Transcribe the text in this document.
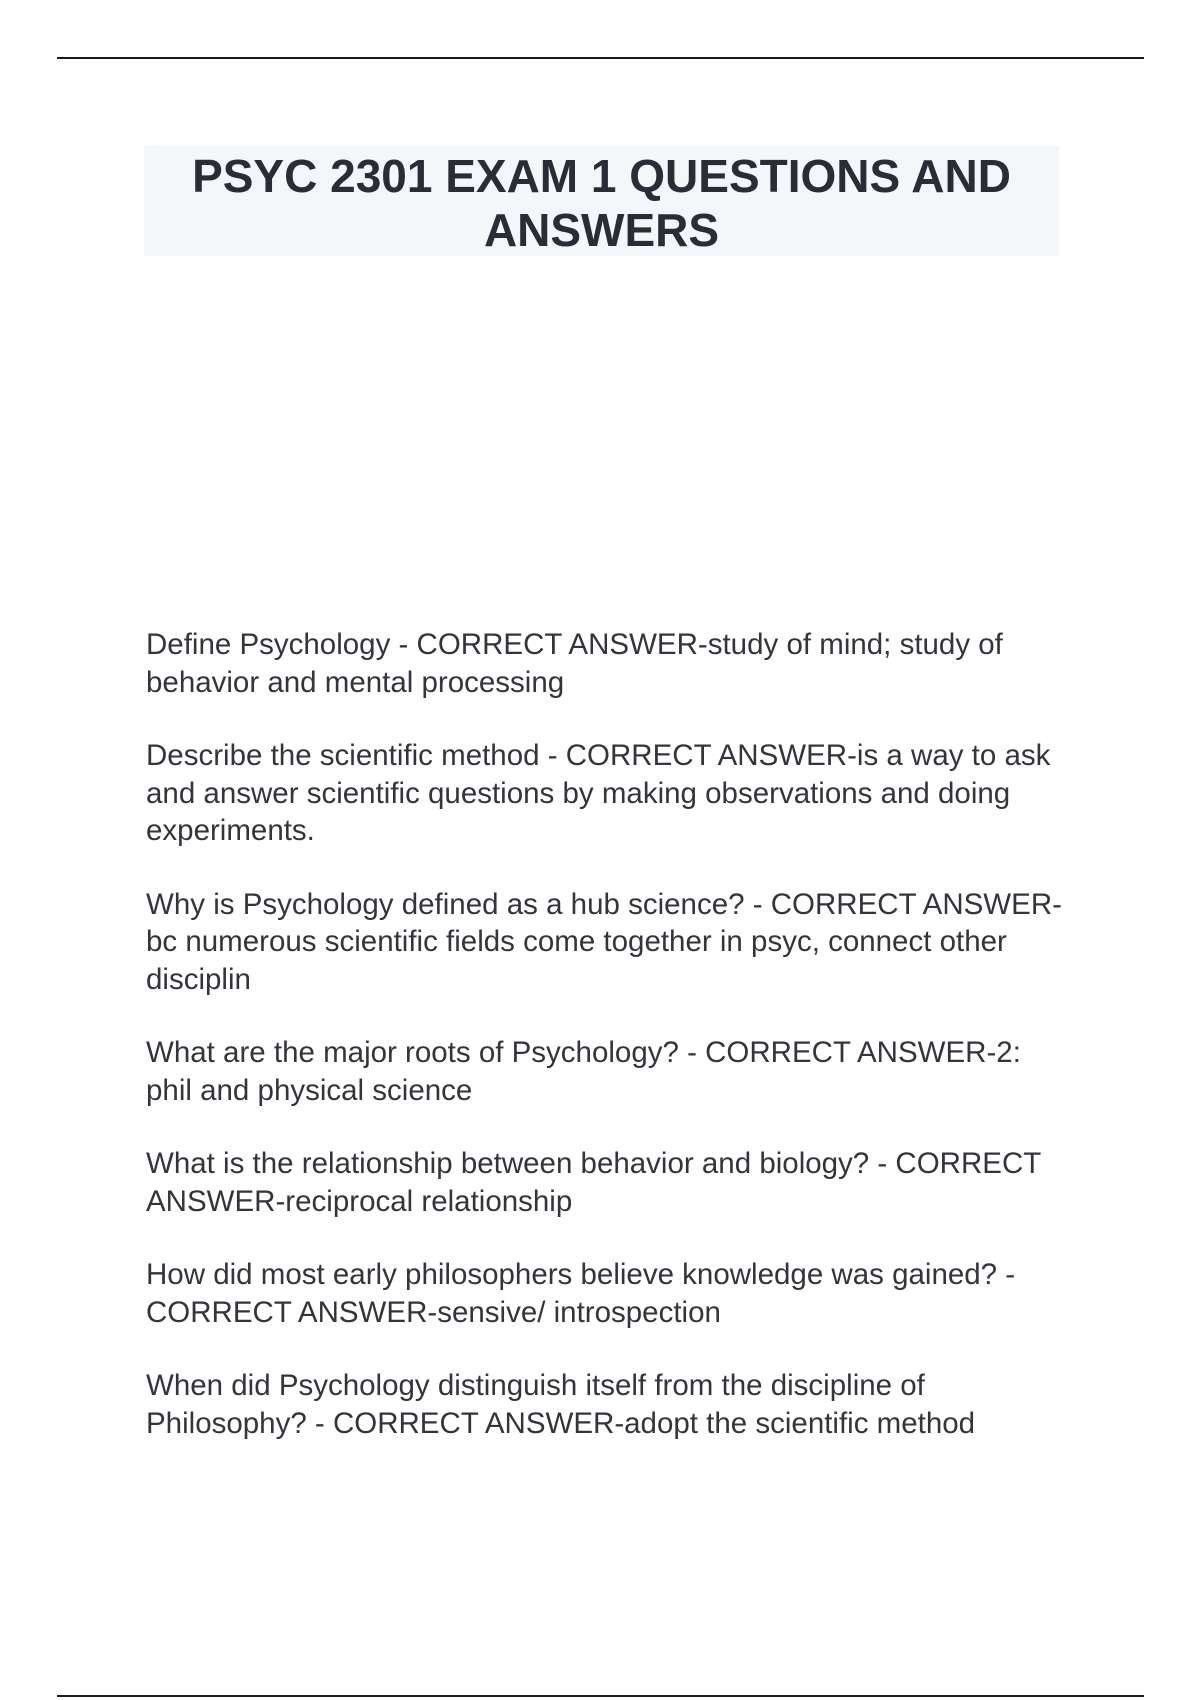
PSYC 2301 EXAM 1 QUESTIONS AND ANSWERS
Define Psychology - CORRECT ANSWER-study of mind; study of behavior and mental processing
Describe the scientific method - CORRECT ANSWER-is a way to ask and answer scientific questions by making observations and doing experiments.
Why is Psychology defined as a hub science? - CORRECT ANSWER-bc numerous scientific fields come together in psyc, connect other disciplin
What are the major roots of Psychology? - CORRECT ANSWER-2: phil and physical science
What is the relationship between behavior and biology? - CORRECT ANSWER-reciprocal relationship
How did most early philosophers believe knowledge was gained? - CORRECT ANSWER-sensive/ introspection
When did Psychology distinguish itself from the discipline of Philosophy? - CORRECT ANSWER-adopt the scientific method
